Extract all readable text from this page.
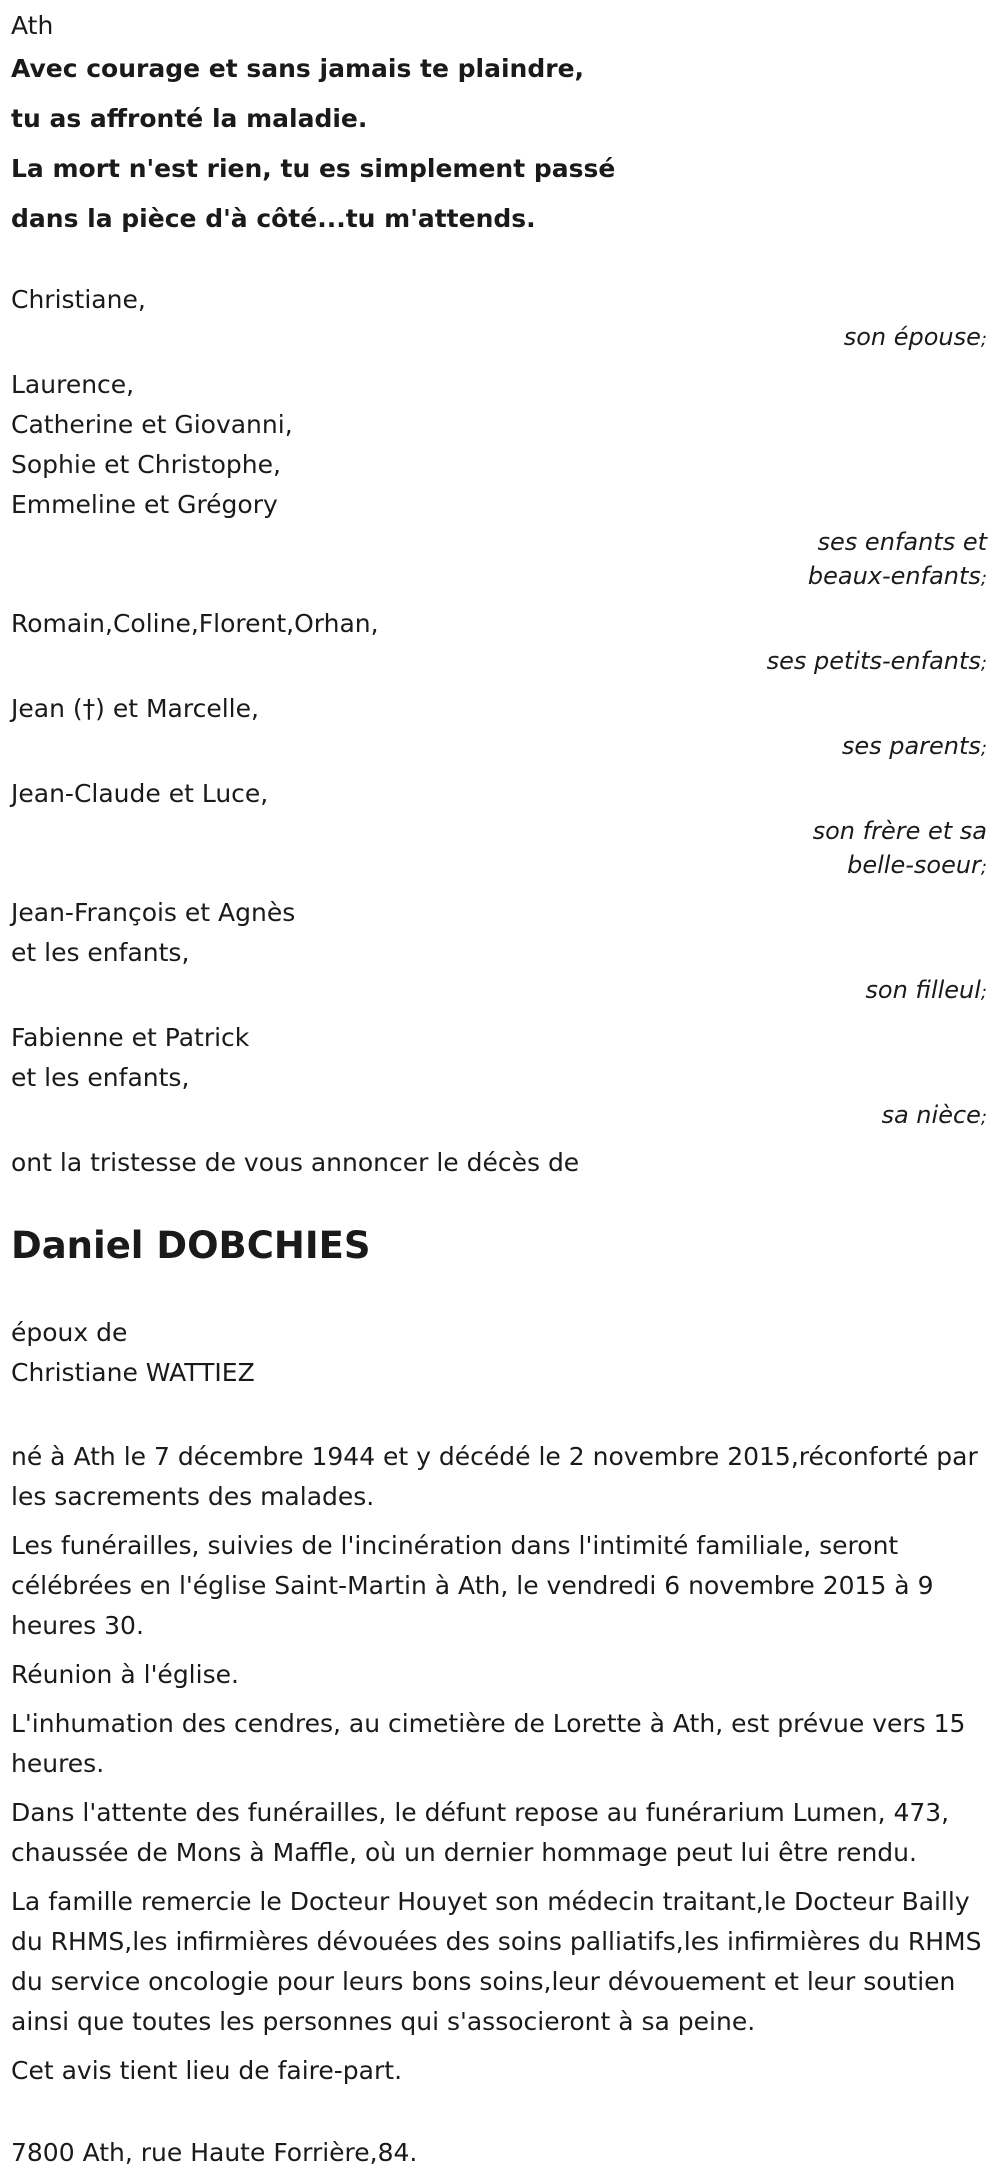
Ath
Avec courage et sans jamais te plaindre,
tu as affronté la maladie.
La mort n'est rien, tu es simplement passé
dans la pièce d'à côté...tu m'attends.
Christiane,
son épouse;
Laurence,
Catherine et Giovanni,
Sophie et Christophe,
Emmeline et Grégory
ses enfants et
beaux-enfants;
Romain,Coline,Florent,Orhan,
ses petits-enfants;
Jean (†) et Marcelle,
ses parents;
Jean-Claude et Luce,
son frère et sa
belle-soeur;
Jean-François et Agnès
et les enfants,
son filleul;
Fabienne et Patrick
et les enfants,
sa nièce;
ont la tristesse de vous annoncer le décès de
Daniel DOBCHIES
époux de
Christiane WATTIEZ
né à Ath le 7 décembre 1944 et y décédé le 2 novembre 2015,réconforté par les sacrements des malades.
Les funérailles, suivies de l'incinération dans l'intimité familiale, seront célébrées en l'église Saint-Martin à Ath, le vendredi 6 novembre 2015 à 9 heures 30.
Réunion à l'église.
L'inhumation des cendres, au cimetière de Lorette à Ath, est prévue vers 15 heures.
Dans l'attente des funérailles, le défunt repose au funérarium Lumen, 473, chaussée de Mons à Maffle, où un dernier hommage peut lui être rendu.
La famille remercie le Docteur Houyet son médecin traitant,le Docteur Bailly du RHMS,les infirmières dévouées des soins palliatifs,les infirmières du RHMS du service oncologie pour leurs bons soins,leur dévouement et leur soutien ainsi que toutes les personnes qui s'associeront à sa peine.
Cet avis tient lieu de faire-part.
7800 Ath, rue Haute Forrière,84.
